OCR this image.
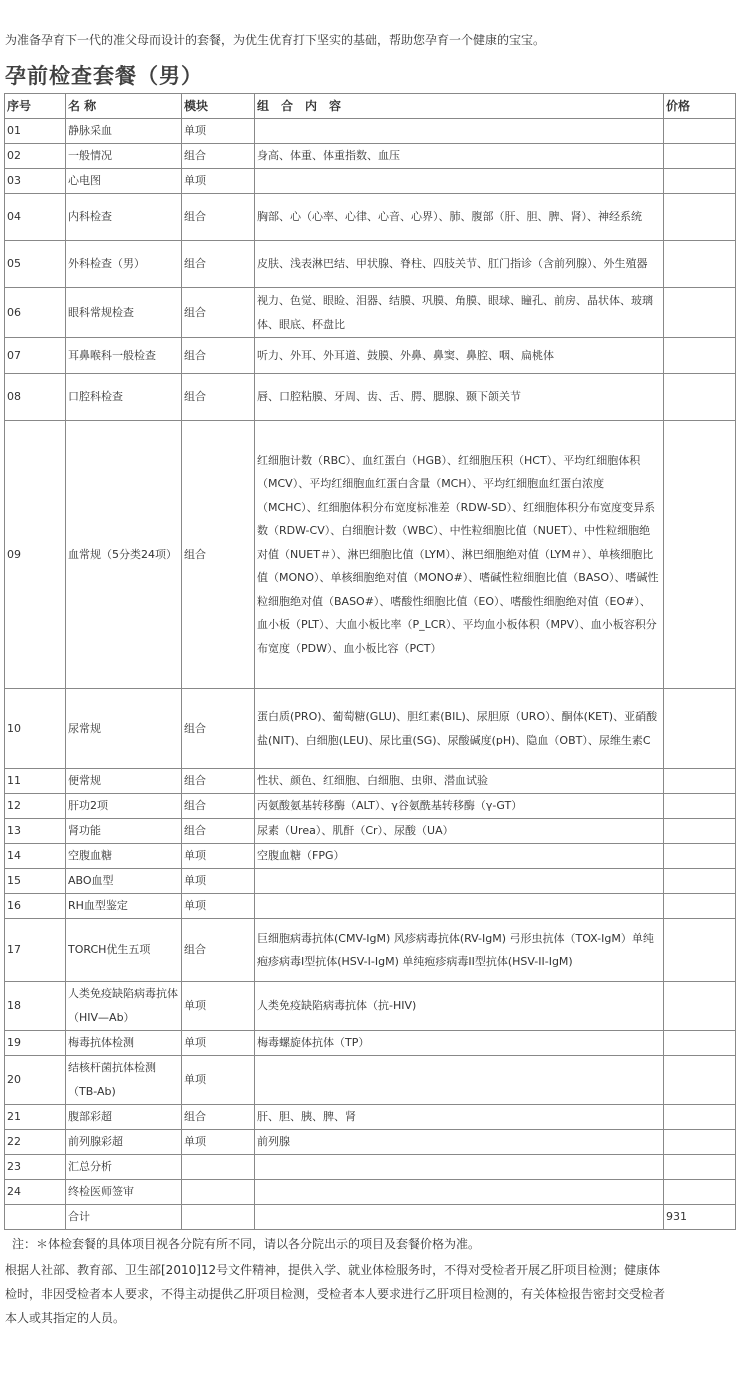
为准备孕育下一代的准父母而设计的套餐，为优生优育打下坚实的基础，帮助您孕育一个健康的宝宝。
孕前检查套餐（男）
序号	名 称	模块	组　合　内　容	价格
01	静脉采血	单项		
02	一般情况	组合	身高、体重、体重指数、血压	
03	心电图	单项		
04	内科检查	组合	胸部、心（心率、心律、心音、心界）、肺、腹部（肝、胆、脾、肾）、神经系统	
05	外科检查（男）	组合	皮肤、浅表淋巴结、甲状腺、脊柱、四肢关节、肛门指诊（含前列腺）、外生殖器	
06	眼科常规检查	组合	视力、色觉、眼睑、泪器、结膜、巩膜、角膜、眼球、瞳孔、前房、晶状体、玻璃体、眼底、杯盘比	
07	耳鼻喉科一般检查	组合	听力、外耳、外耳道、鼓膜、外鼻、鼻窦、鼻腔、咽、扁桃体	
08	口腔科检查	组合	唇、口腔粘膜、牙周、齿、舌、腭、腮腺、颞下颌关节	
09	血常规（5分类24项）	组合	红细胞计数（RBC）、血红蛋白（HGB）、红细胞压积（HCT）、平均红细胞体积（MCV）、平均红细胞血红蛋白含量（MCH）、平均红细胞血红蛋白浓度（MCHC）、红细胞体积分布宽度标准差（RDW-SD）、红细胞体积分布宽度变异系数（RDW-CV）、白细胞计数（WBC）、中性粒细胞比值（NUET）、中性粒细胞绝对值（NUET＃）、淋巴细胞比值（LYM）、淋巴细胞绝对值（LYM＃）、单核细胞比值（MONO）、单核细胞绝对值（MONO#）、嗜碱性粒细胞比值（BASO）、嗜碱性粒细胞绝对值（BASO#）、嗜酸性细胞比值（EO）、嗜酸性细胞绝对值（EO#）、血小板（PLT）、大血小板比率（P_LCR）、平均血小板体积（MPV）、血小板容积分布宽度（PDW）、血小板比容（PCT）	
10	尿常规	组合	蛋白质(PRO)、葡萄糖(GLU)、胆红素(BIL)、尿胆原（URO）、酮体(KET)、亚硝酸盐(NIT)、白细胞(LEU)、尿比重(SG)、尿酸碱度(pH)、隐血（OBT）、尿维生素C	
11	便常规	组合	性状、颜色、红细胞、白细胞、虫卵、潜血试验	
12	肝功2项	组合	丙氨酸氨基转移酶（ALT）、γ谷氨酰基转移酶（γ-GT）	
13	肾功能	组合	尿素（Urea）、肌酐（Cr）、尿酸（UA）	
14	空腹血糖	单项	空腹血糖（FPG）	
15	ABO血型	单项		
16	RH血型鉴定	单项		
17	TORCH优生五项	组合	巨细胞病毒抗体(CMV-IgM) 风疹病毒抗体(RV-IgM) 弓形虫抗体（TOX-IgM）单纯疱疹病毒I型抗体(HSV-I-IgM) 单纯疱疹病毒II型抗体(HSV-II-IgM)	
18	人类免疫缺陷病毒抗体（HIV—Ab）	单项	人类免疫缺陷病毒抗体（抗-HIV)	
19	梅毒抗体检测	单项	梅毒螺旋体抗体（TP）	
20	结核杆菌抗体检测（TB-Ab)	单项		
21	腹部彩超	组合	肝、胆、胰、脾、肾	
22	前列腺彩超	单项	前列腺	
23	汇总分析			
24	终检医师签审			
	合计			931
注：＊体检套餐的具体项目视各分院有所不同，请以各分院出示的项目及套餐价格为准。
根据人社部、教育部、卫生部[2010]12号文件精神，提供入学、就业体检服务时，不得对受检者开展乙肝项目检测；健康体检时，非因受检者本人要求，不得主动提供乙肝项目检测，受检者本人要求进行乙肝项目检测的，有关体检报告密封交受检者本人或其指定的人员。
